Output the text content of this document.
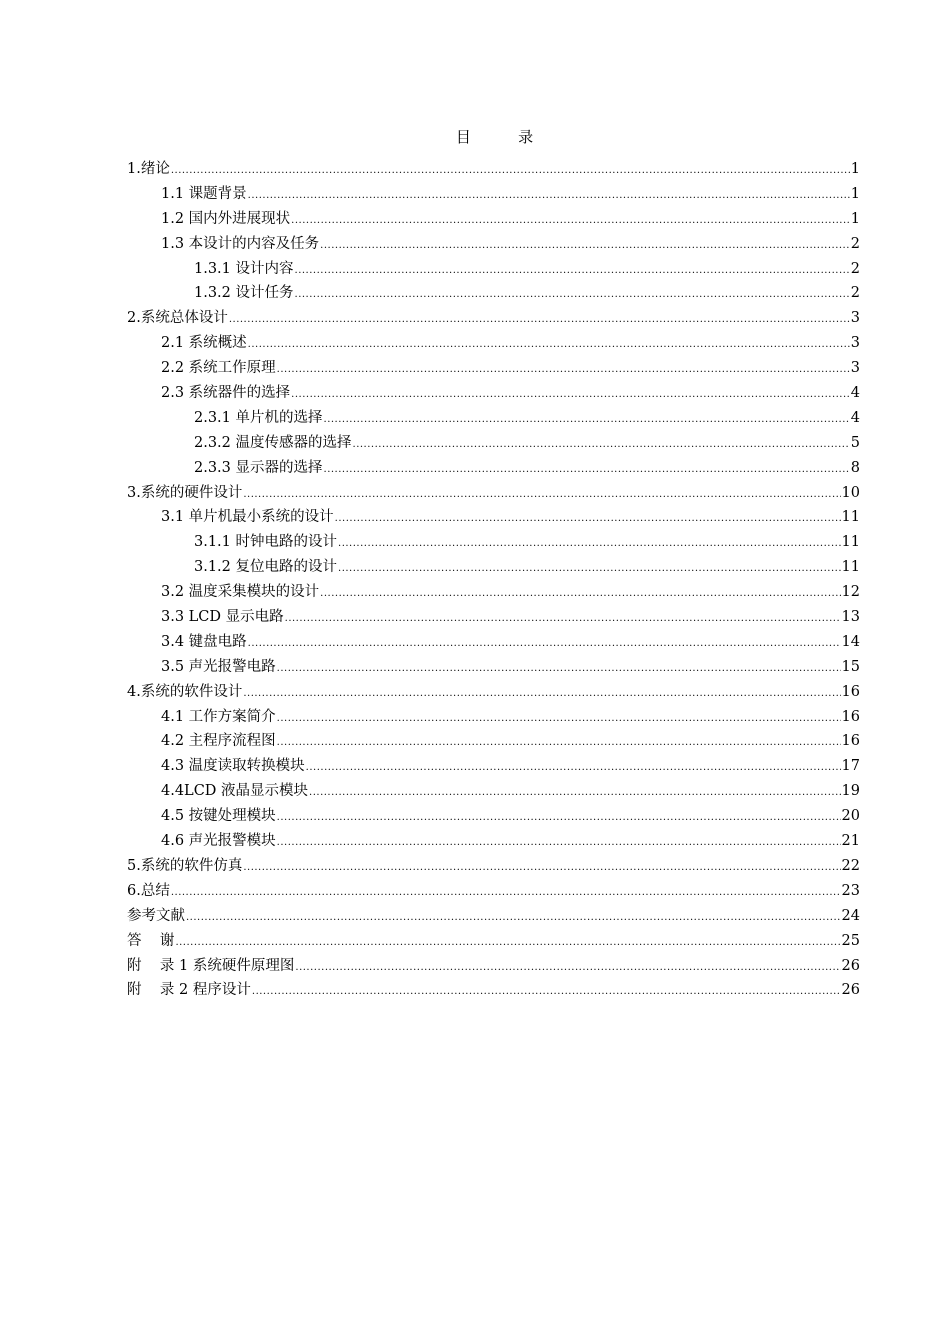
目        录
1.绪论 .....	1
1.1 课题背景 .....	1
1.2 国内外进展现状 .....	1
1.3 本设计的内容及任务 .....	2
1.3.1 设计内容 .....	2
1.3.2 设计任务 .....	2
2.系统总体设计 .....	3
2.1 系统概述 .....	3
2.2 系统工作原理 .....	3
2.3 系统器件的选择 .....	4
2.3.1 单片机的选择 .....	4
2.3.2 温度传感器的选择 .....	5
2.3.3 显示器的选择 .....	8
3.系统的硬件设计 .....	10
3.1 单片机最小系统的设计 .....	11
3.1.1 时钟电路的设计 .....	11
3.1.2 复位电路的设计 .....	11
3.2 温度采集模块的设计 .....	12
3.3 LCD 显示电路 .....	13
3.4 键盘电路 .....	14
3.5 声光报警电路 .....	15
4.系统的软件设计 .....	16
4.1 工作方案简介 .....	16
4.2 主程序流程图 .....	16
4.3 温度读取转换模块 .....	17
4.4LCD 液晶显示模块 .....	19
4.5 按键处理模块 .....	20
4.6 声光报警模块 .....	21
5.系统的软件仿真 .....	22
6.总结 .....	23
参考文献 .....	24
答    谢 .....	25
附    录 1 系统硬件原理图 .....	26
附    录 2 程序设计 .....	26
